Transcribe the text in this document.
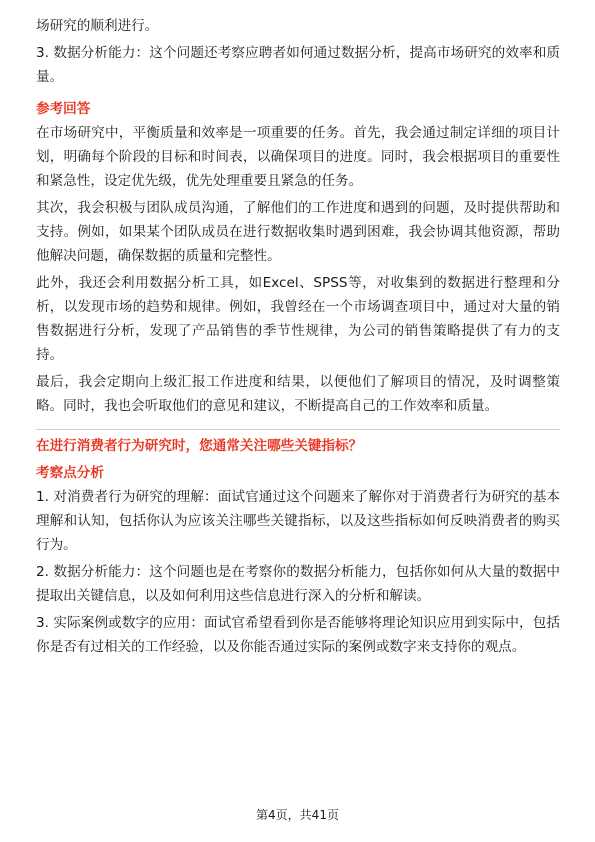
场研究的顺利进行。

3. 数据分析能力：这个问题还考察应聘者如何通过数据分析，提高市场研究的效率和质量。

参考回答

在市场研究中，平衡质量和效率是一项重要的任务。首先，我会通过制定详细的项目计划，明确每个阶段的目标和时间表，以确保项目的进度。同时，我会根据项目的重要性和紧急性，设定优先级，优先处理重要且紧急的任务。

其次，我会积极与团队成员沟通，了解他们的工作进度和遇到的问题，及时提供帮助和支持。例如，如果某个团队成员在进行数据收集时遇到困难，我会协调其他资源，帮助他解决问题，确保数据的质量和完整性。

此外，我还会利用数据分析工具，如Excel、SPSS等，对收集到的数据进行整理和分析，以发现市场的趋势和规律。例如，我曾经在一个市场调查项目中，通过对大量的销售数据进行分析，发现了产品销售的季节性规律，为公司的销售策略提供了有力的支持。

最后，我会定期向上级汇报工作进度和结果，以便他们了解项目的情况，及时调整策略。同时，我也会听取他们的意见和建议，不断提高自己的工作效率和质量。

在进行消费者行为研究时，您通常关注哪些关键指标？

考察点分析

1. 对消费者行为研究的理解：面试官通过这个问题来了解你对于消费者行为研究的基本理解和认知，包括你认为应该关注哪些关键指标，以及这些指标如何反映消费者的购买行为。

2. 数据分析能力：这个问题也是在考察你的数据分析能力，包括你如何从大量的数据中提取出关键信息，以及如何利用这些信息进行深入的分析和解读。

3. 实际案例或数字的应用：面试官希望看到你是否能够将理论知识应用到实际中，包括你是否有过相关的工作经验，以及你能否通过实际的案例或数字来支持你的观点。

第4页，共41页
